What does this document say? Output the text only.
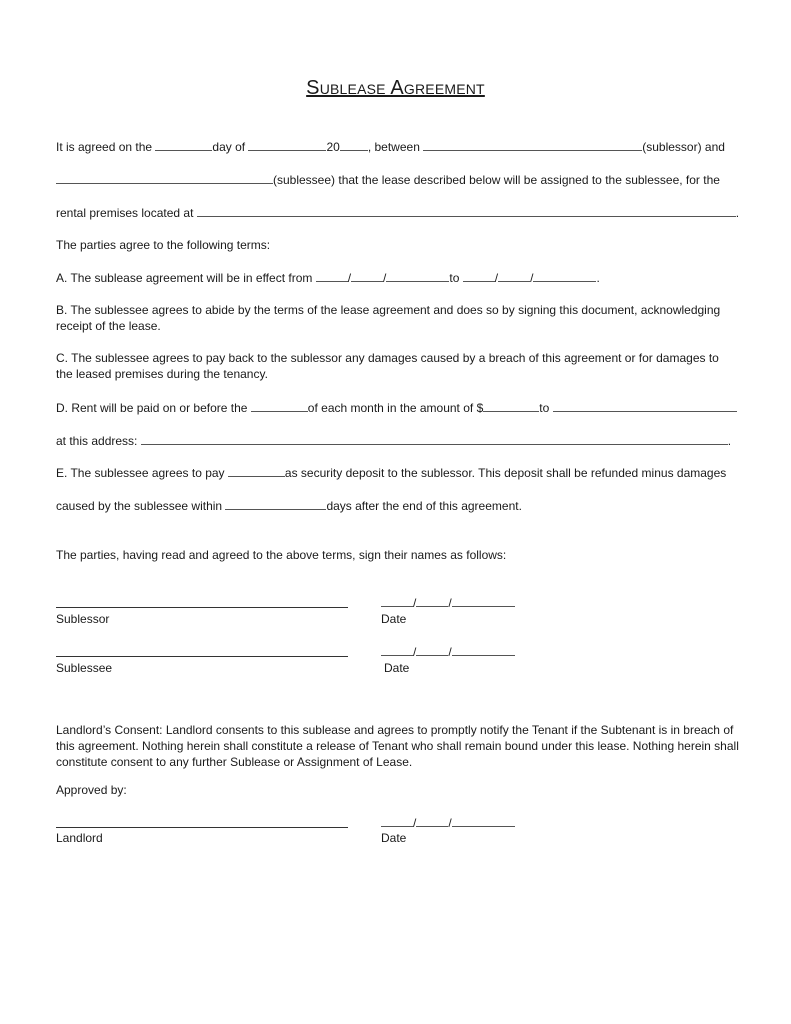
Sublease Agreement
It is agreed on the	day of	20 , between	(sublessor) and
(sublessee) that the lease described below will be assigned to the sublessee, for the
rental premises located at	.
The parties agree to the following terms:
A. The sublease agreement will be in effect from	/	/	to	/	/	.
B. The sublessee agrees to abide by the terms of the lease agreement and does so by signing this document, acknowledging receipt of the lease.
C. The sublessee agrees to pay back to the sublessor any damages caused by a breach of this agreement or for damages to the leased premises during the tenancy.
D. Rent will be paid on or before the	of each month in the amount of $	to
at this address:	.
E. The sublessee agrees to pay	as security deposit to the sublessor. This deposit shall be refunded minus damages
caused by the sublessee within	days after the end of this agreement.
The parties, having read and agreed to the above terms, sign their names as follows:
/	/
Sublessor	Date
/	/
Sublessee	Date
Landlord’s Consent: Landlord consents to this sublease and agrees to promptly notify the Tenant if the Subtenant is in breach of this agreement. Nothing herein shall constitute a release of Tenant who shall remain bound under this lease. Nothing herein shall constitute consent to any further Sublease or Assignment of Lease.
Approved by:
/	/
Landlord	Date
